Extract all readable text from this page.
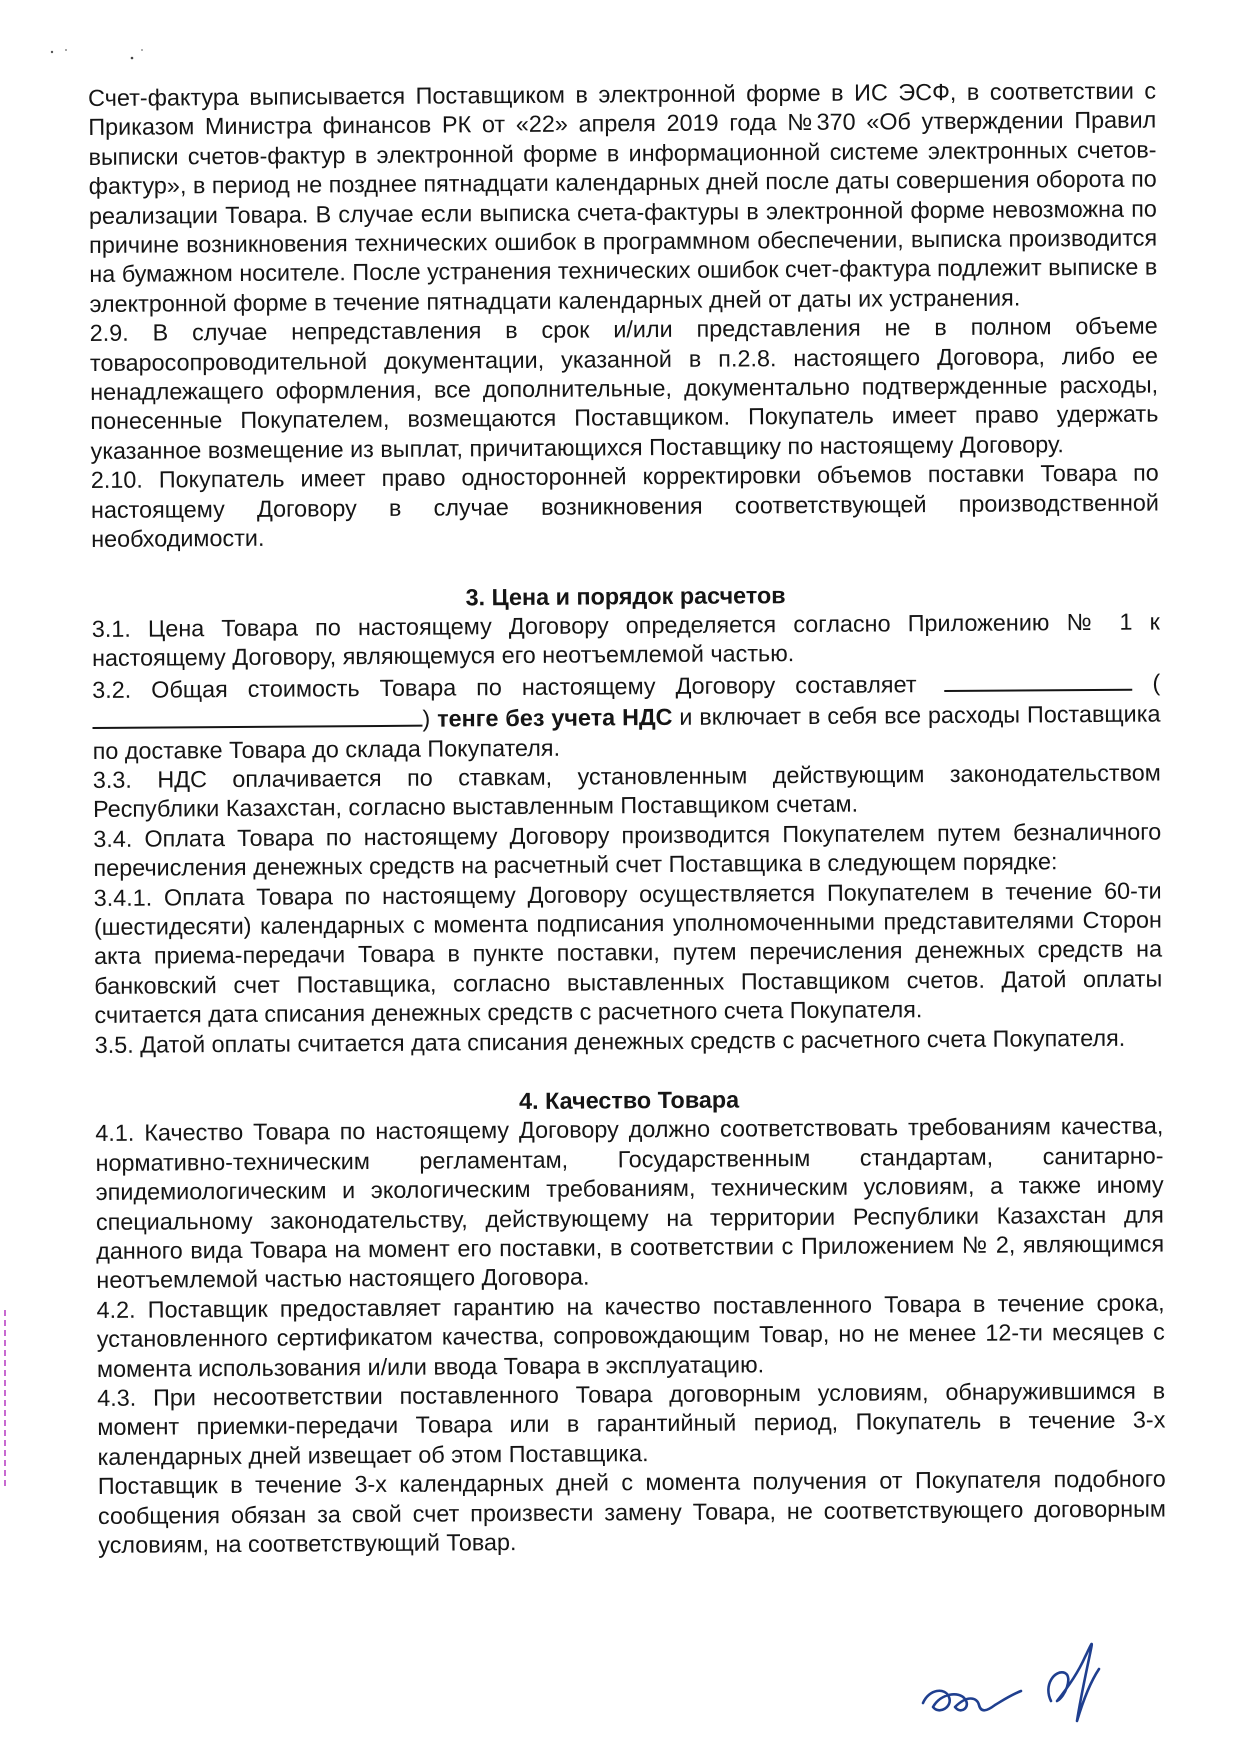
Счет-фактура выписывается Поставщиком в электронной форме в ИС ЭСФ, в соответствии с Приказом Министра финансов РК от «22» апреля 2019 года №370 «Об утверждении Правил выписки счетов-фактур в электронной форме в информационной системе электронных счетов-фактур», в период не позднее пятнадцати календарных дней после даты совершения оборота по реализации Товара. В случае если выписка счета-фактуры в электронной форме невозможна по причине возникновения технических ошибок в программном обеспечении, выписка производится на бумажном носителе. После устранения технических ошибок счет-фактура подлежит выписке в электронной форме в течение пятнадцати календарных дней от даты их устранения.

2.9. В случае непредставления в срок и/или представления не в полном объеме товаросопроводительной документации, указанной в п.2.8. настоящего Договора, либо ее ненадлежащего оформления, все дополнительные, документально подтвержденные расходы, понесенные Покупателем, возмещаются Поставщиком. Покупатель имеет право удержать указанное возмещение из выплат, причитающихся Поставщику по настоящему Договору.

2.10. Покупатель имеет право односторонней корректировки объемов поставки Товара по настоящему Договору в случае возникновения соответствующей производственной необходимости.

3. Цена и порядок расчетов

3.1. Цена Товара по настоящему Договору определяется согласно Приложению № 1 к настоящему Договору, являющемуся его неотъемлемой частью.

3.2. Общая стоимость Товара по настоящему Договору составляет	() тенге без учета НДС и включает в себя все расходы Поставщика по доставке Товара до склада Покупателя.

3.3. НДС оплачивается по ставкам, установленным действующим законодательством Республики Казахстан, согласно выставленным Поставщиком счетам.

3.4. Оплата Товара по настоящему Договору производится Покупателем путем безналичного перечисления денежных средств на расчетный счет Поставщика в следующем порядке:

3.4.1. Оплата Товара по настоящему Договору осуществляется Покупателем в течение 60-ти (шестидесяти) календарных с момента подписания уполномоченными представителями Сторон акта приема-передачи Товара в пункте поставки, путем перечисления денежных средств на банковский счет Поставщика, согласно выставленных Поставщиком счетов. Датой оплаты считается дата списания денежных средств с расчетного счета Покупателя.

3.5. Датой оплаты считается дата списания денежных средств с расчетного счета Покупателя.

4. Качество Товара

4.1. Качество Товара по настоящему Договору должно соответствовать требованиям качества, нормативно-техническим регламентам, Государственным стандартам, санитарно-эпидемиологическим и экологическим требованиям, техническим условиям, а также иному специальному законодательству, действующему на территории Республики Казахстан для данного вида Товара на момент его поставки, в соответствии с Приложением № 2, являющимся неотъемлемой частью настоящего Договора.

4.2. Поставщик предоставляет гарантию на качество поставленного Товара в течение срока, установленного сертификатом качества, сопровождающим Товар, но не менее 12-ти месяцев с момента использования и/или ввода Товара в эксплуатацию.

4.3. При несоответствии поставленного Товара договорным условиям, обнаружившимся в момент приемки-передачи Товара или в гарантийный период, Покупатель в течение 3-х календарных дней извещает об этом Поставщика.

Поставщик в течение 3-х календарных дней с момента получения от Покупателя подобного сообщения обязан за свой счет произвести замену Товара, не соответствующего договорным условиям, на соответствующий Товар.
